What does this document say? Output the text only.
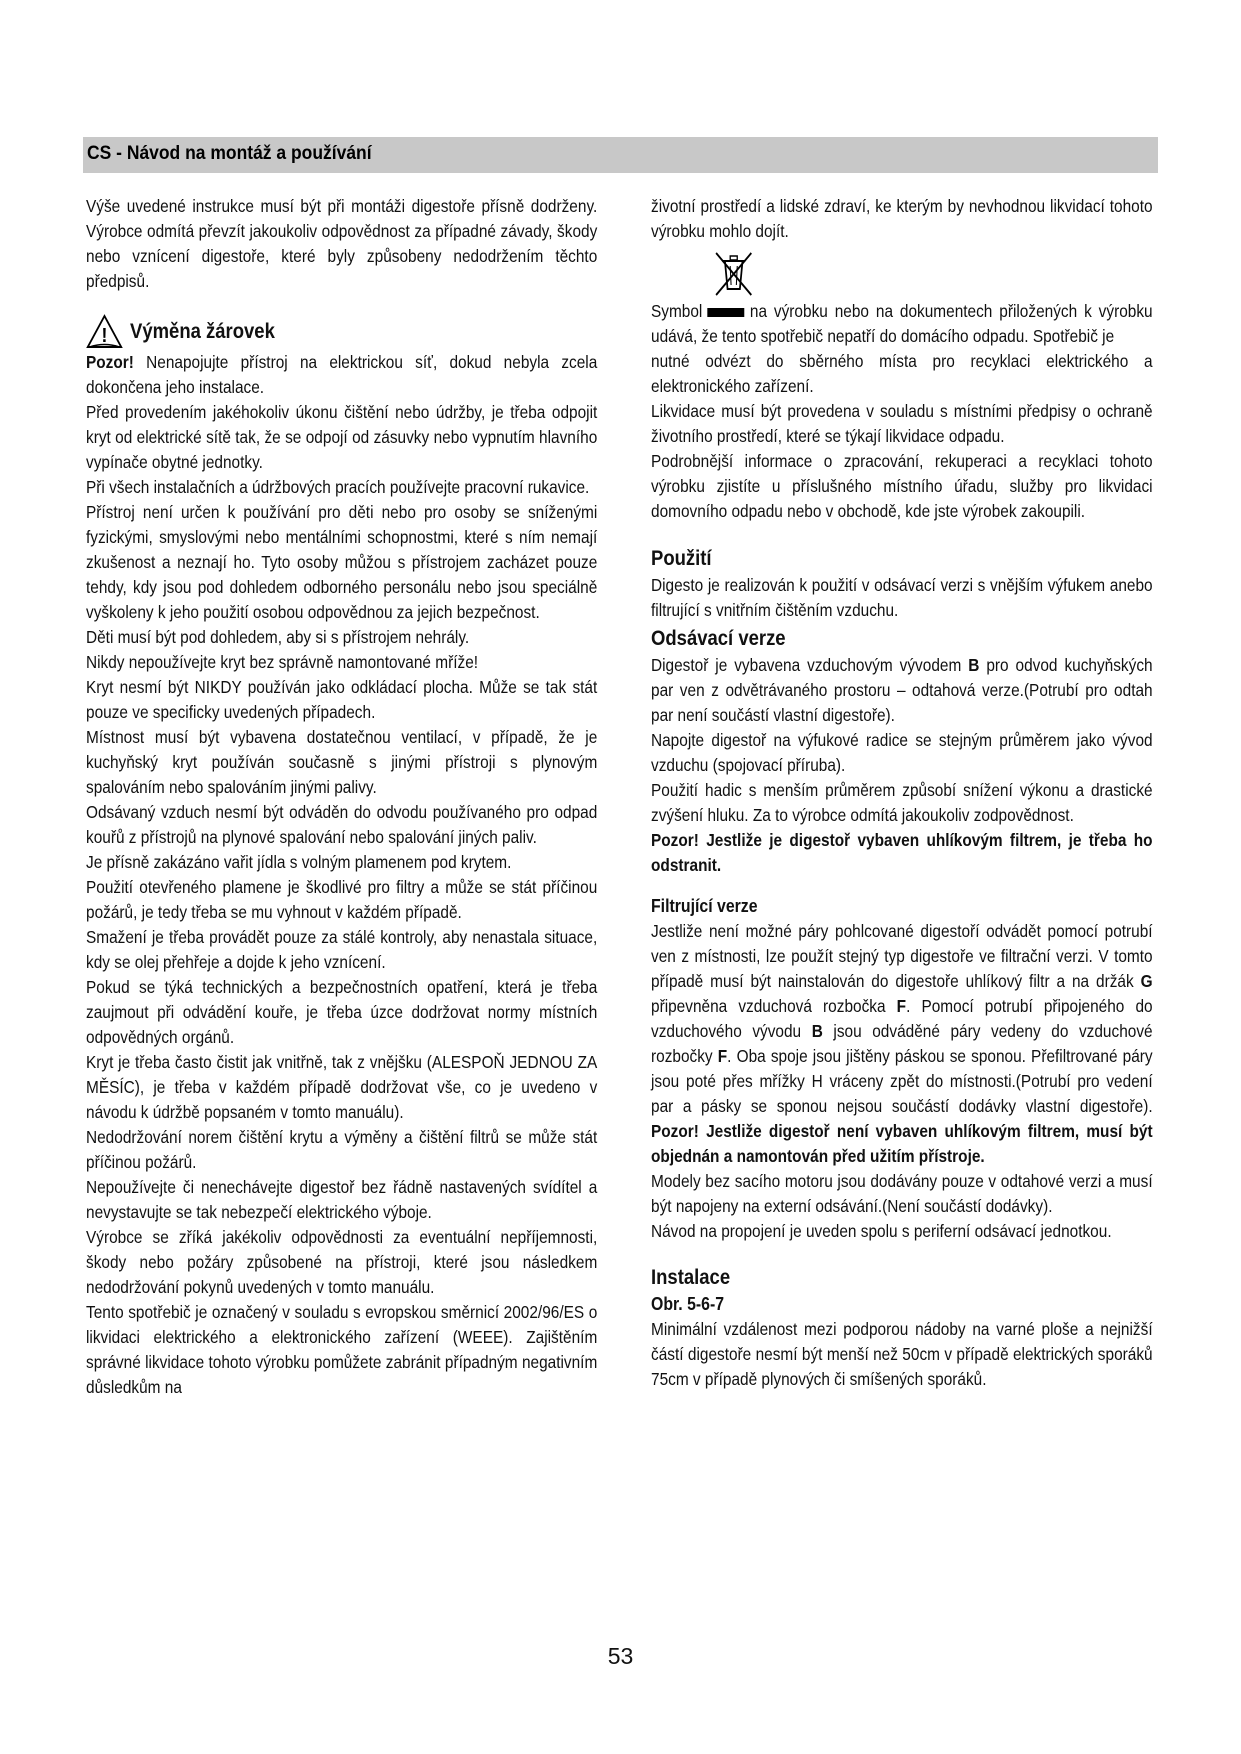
CS - Návod na montáž a používání

Výše uvedené instrukce musí být při montáži digestoře přísně dodrženy. Výrobce odmítá převzít jakoukoliv odpovědnost za případné závady, škody nebo vznícení digestoře, které byly způsobeny nedodržením těchto předpisů.

! Výměna žárovek

Pozor! Nenapojujte přístroj na elektrickou síť, dokud nebyla zcela dokončena jeho instalace.

Před provedením jakéhokoliv úkonu čištění nebo údržby, je třeba odpojit kryt od elektrické sítě tak, že se odpojí od zásuvky nebo vypnutím hlavního vypínače obytné jednotky.

Při všech instalačních a údržbových pracích používejte pracovní rukavice.

Přístroj není určen k používání pro děti nebo pro osoby se sníženými fyzickými, smyslovými nebo mentálními schopnostmi, které s ním nemají zkušenost a neznají ho. Tyto osoby můžou s přístrojem zacházet pouze tehdy, kdy jsou pod dohledem odborného personálu nebo jsou speciálně vyškoleny k jeho použití osobou odpovědnou za jejich bezpečnost.

Děti musí být pod dohledem, aby si s přístrojem nehrály.

Nikdy nepoužívejte kryt bez správně namontované mříže!

Kryt nesmí být NIKDY používán jako odkládací plocha. Může se tak stát pouze ve specificky uvedených případech.

Místnost musí být vybavena dostatečnou ventilací, v případě, že je kuchyňský kryt používán současně s jinými přístroji s plynovým spalováním nebo spalováním jinými palivy.

Odsávaný vzduch nesmí být odváděn do odvodu používaného pro odpad kouřů z přístrojů na plynové spalování nebo spalování jiných paliv.

Je přísně zakázáno vařit jídla s volným plamenem pod krytem.

Použití otevřeného plamene je škodlivé pro filtry a může se stát příčinou požárů, je tedy třeba se mu vyhnout v každém případě.

Smažení je třeba provádět pouze za stálé kontroly, aby nenastala situace, kdy se olej přehřeje a dojde k jeho vznícení.

Pokud se týká technických a bezpečnostních opatření, která je třeba zaujmout při odvádění kouře, je třeba úzce dodržovat normy místních odpovědných orgánů.

Kryt je třeba často čistit jak vnitřně, tak z vnějšku (ALESPOŇ JEDNOU ZA MĚSÍC), je třeba v každém případě dodržovat vše, co je uvedeno v návodu k údržbě popsaném v tomto manuálu).

Nedodržování norem čištění krytu a výměny a čištění filtrů se může stát příčinou požárů.

Nepoužívejte či nenechávejte digestoř bez řádně nastavených svídítel a nevystavujte se tak nebezpečí elektrického výboje.

Výrobce se zříká jakékoliv odpovědnosti za eventuální nepříjemnosti, škody nebo požáry způsobené na přístroji, které jsou následkem nedodržování pokynů uvedených v tomto manuálu.

Tento spotřebič je označený v souladu s evropskou směrnicí 2002/96/ES o likvidaci elektrického a elektronického zařízení (WEEE). Zajištěním správné likvidace tohoto výrobku pomůžete zabránit případným negativním důsledkům na

životní prostředí a lidské zdraví, ke kterým by nevhodnou likvidací tohoto výrobku mohlo dojít.

Symbol	na výrobku nebo na dokumentech přiložených k výrobku udává, že tento spotřebič nepatří do domácího odpadu. Spotřebič je

nutné odvézt do sběrného místa pro recyklaci elektrického a elektronického zařízení.

Likvidace musí být provedena v souladu s místními předpisy o ochraně životního prostředí, které se týkají likvidace odpadu.

Podrobnější informace o zpracování, rekuperaci a recyklaci tohoto výrobku zjistíte u příslušného místního úřadu, služby pro likvidaci domovního odpadu nebo v obchodě, kde jste výrobek zakoupili.

Použití

Digesto je realizován k použití v odsávací verzi s vnějším výfukem anebo filtrující s vnitřním čištěním vzduchu.

Odsávací verze

Digestoř je vybavena vzduchovým vývodem B pro odvod kuchyňských par ven z odvětrávaného prostoru – odtahová verze.(Potrubí pro odtah par není součástí vlastní digestoře).

Napojte digestoř na výfukové radice se stejným průměrem jako vývod vzduchu (spojovací příruba).

Použití hadic s menším průměrem způsobí snížení výkonu a drastické zvýšení hluku. Za to výrobce odmítá jakoukoliv zodpovědnost.

Pozor! Jestliže je digestoř vybaven uhlíkovým filtrem, je třeba ho odstranit.

Filtrující verze

Jestliže není možné páry pohlcované digestoří odvádět pomocí potrubí ven z místnosti, lze použít stejný typ digestoře ve filtrační verzi. V tomto případě musí být nainstalován do digestoře uhlíkový filtr a na držák G připevněna vzduchová rozbočka F. Pomocí potrubí připojeného do vzduchového vývodu B jsou odváděné páry vedeny do vzduchové rozbočky F. Oba spoje jsou jištěny páskou se sponou. Přefiltrované páry jsou poté přes mřížky H vráceny zpět do místnosti.(Potrubí pro vedení par a pásky se sponou nejsou součástí dodávky vlastní digestoře). Pozor! Jestliže digestoř není vybaven uhlíkovým filtrem, musí být objednán a namontován před užitím přístroje.

Modely bez sacího motoru jsou dodávány pouze v odtahové verzi a musí být napojeny na externí odsávání.(Není součástí dodávky).

Návod na propojení je uveden spolu s periferní odsávací jednotkou.

Instalace
Obr. 5-6-7

Minimální vzdálenost mezi podporou nádoby na varné ploše a nejnižší částí digestoře nesmí být menší než 50cm v případě elektrických sporáků 75cm v případě plynových či smíšených sporáků.

53
